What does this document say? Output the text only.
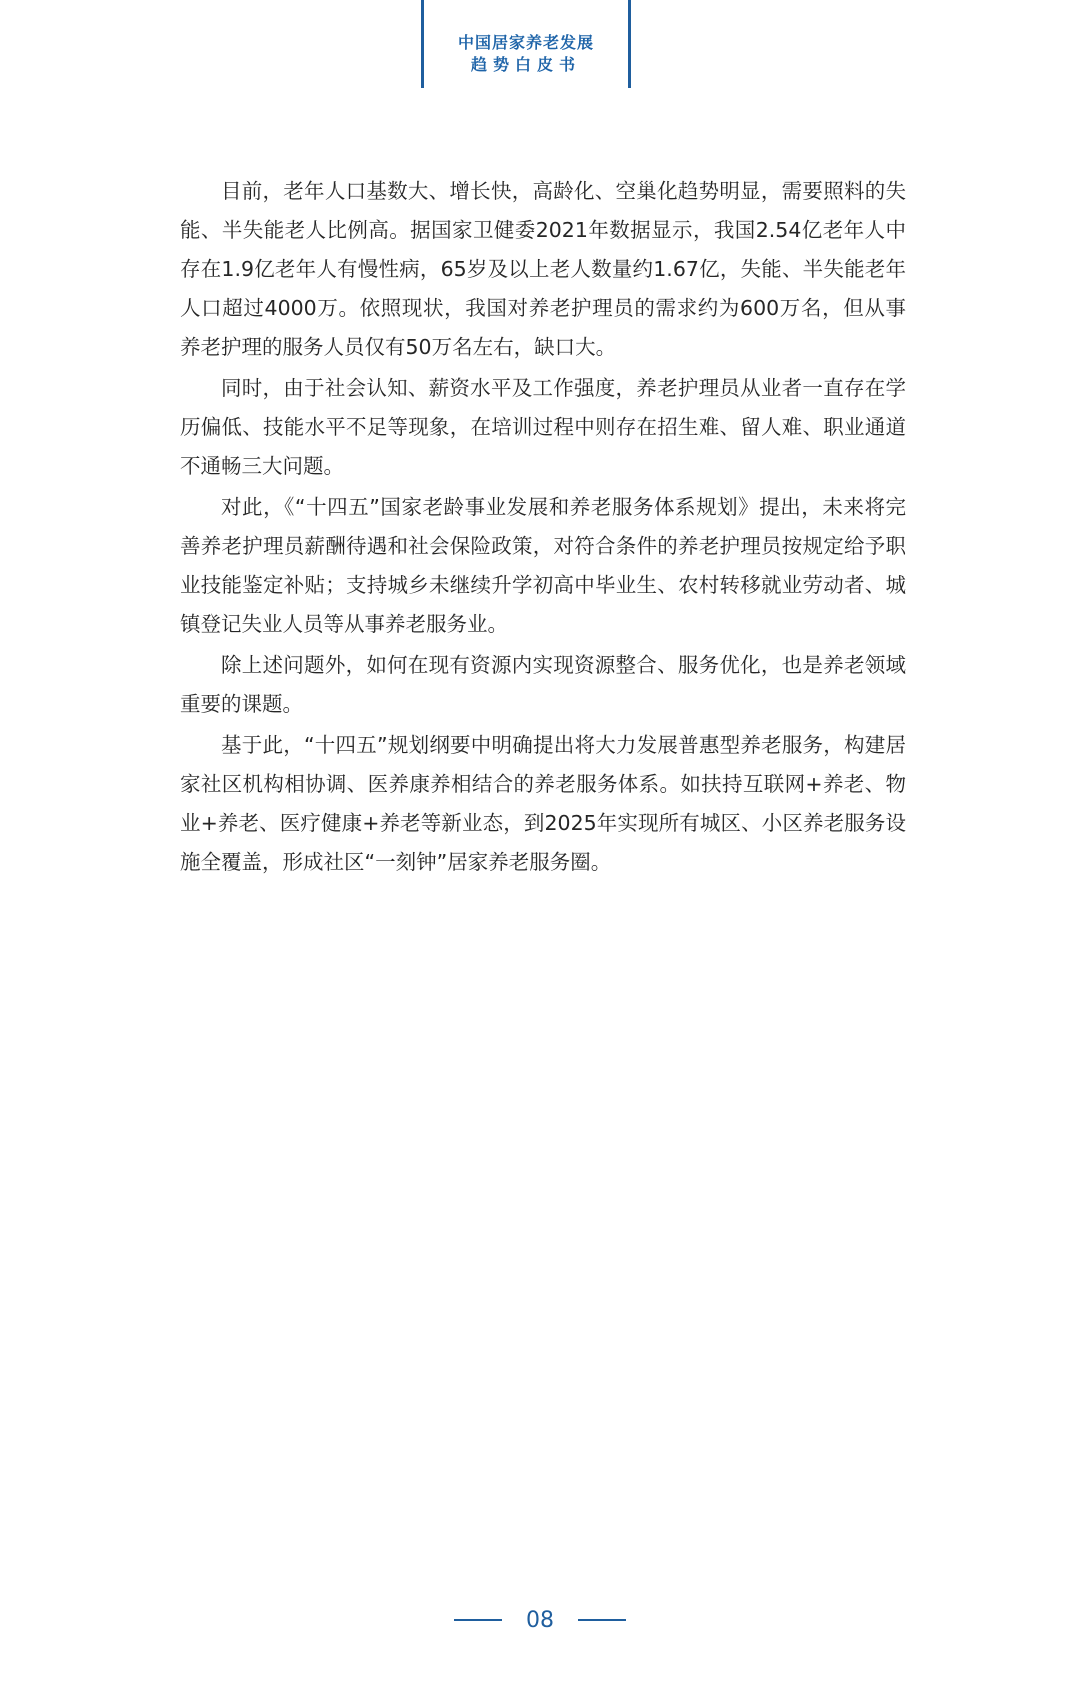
中国居家养老发展
趋势白皮书

目前，老年人口基数大、增长快，高龄化、空巢化趋势明显，需要照料的失能、半失能老人比例高。据国家卫健委2021年数据显示，我国2.54亿老年人中存在1.9亿老年人有慢性病，65岁及以上老人数量约1.67亿，失能、半失能老年人口超过4000万。依照现状，我国对养老护理员的需求约为600万名，但从事养老护理的服务人员仅有50万名左右，缺口大。

同时，由于社会认知、薪资水平及工作强度，养老护理员从业者一直存在学历偏低、技能水平不足等现象，在培训过程中则存在招生难、留人难、职业通道不通畅三大问题。

对此，《“十四五”国家老龄事业发展和养老服务体系规划》提出，未来将完善养老护理员薪酬待遇和社会保险政策，对符合条件的养老护理员按规定给予职业技能鉴定补贴；支持城乡未继续升学初高中毕业生、农村转移就业劳动者、城镇登记失业人员等从事养老服务业。

除上述问题外，如何在现有资源内实现资源整合、服务优化，也是养老领域重要的课题。

基于此，“十四五”规划纲要中明确提出将大力发展普惠型养老服务，构建居家社区机构相协调、医养康养相结合的养老服务体系。如扶持互联网+养老、物业+养老、医疗健康+养老等新业态，到2025年实现所有城区、小区养老服务设施全覆盖，形成社区“一刻钟”居家养老服务圈。

08
